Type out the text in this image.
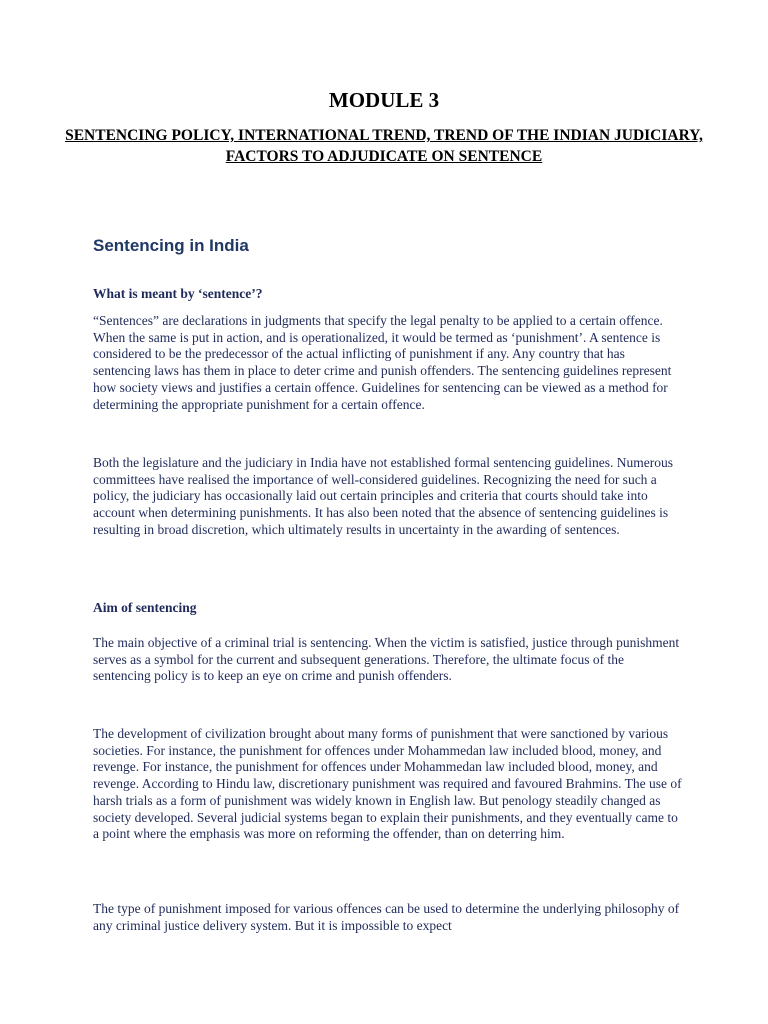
MODULE 3
SENTENCING POLICY, INTERNATIONAL TREND, TREND OF THE INDIAN JUDICIARY, FACTORS TO ADJUDICATE ON SENTENCE
Sentencing in India
What is meant by ‘sentence’?

“Sentences” are declarations in judgments that specify the legal penalty to be applied to a certain offence. When the same is put in action, and is operationalized, it would be termed as ‘punishment’. A sentence is considered to be the predecessor of the actual inflicting of punishment if any. Any country that has sentencing laws has them in place to deter crime and punish offenders. The sentencing guidelines represent how society views and justifies a certain offence. Guidelines for sentencing can be viewed as a method for determining the appropriate punishment for a certain offence.

Both the legislature and the judiciary in India have not established formal sentencing guidelines. Numerous committees have realised the importance of well-considered guidelines. Recognizing the need for such a policy, the judiciary has occasionally laid out certain principles and criteria that courts should take into account when determining punishments. It has also been noted that the absence of sentencing guidelines is resulting in broad discretion, which ultimately results in uncertainty in the awarding of sentences.

Aim of sentencing

The main objective of a criminal trial is sentencing. When the victim is satisfied, justice through punishment serves as a symbol for the current and subsequent generations. Therefore, the ultimate focus of the sentencing policy is to keep an eye on crime and punish offenders.

The development of civilization brought about many forms of punishment that were sanctioned by various societies. For instance, the punishment for offences under Mohammedan law included blood, money, and revenge. For instance, the punishment for offences under Mohammedan law included blood, money, and revenge. According to Hindu law, discretionary punishment was required and favoured Brahmins. The use of harsh trials as a form of punishment was widely known in English law. But penology steadily changed as society developed. Several judicial systems began to explain their punishments, and they eventually came to a point where the emphasis was more on reforming the offender, than on deterring him.

The type of punishment imposed for various offences can be used to determine the underlying philosophy of any criminal justice delivery system. But it is impossible to expect
